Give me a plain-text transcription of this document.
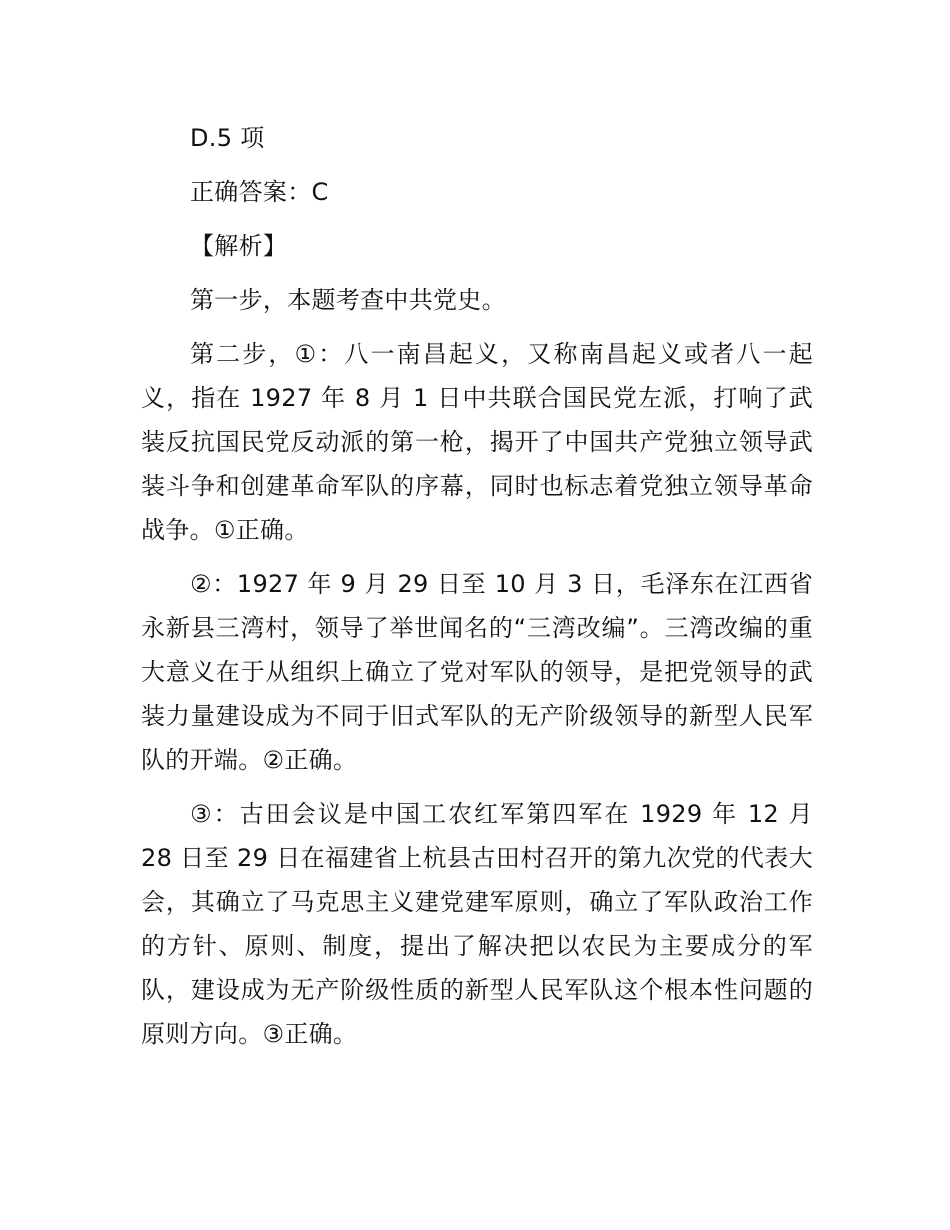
D.5 项

正确答案：C

【解析】

第一步，本题考查中共党史。

第二步，①：八一南昌起义，又称南昌起义或者八一起义，指在 1927 年 8 月 1 日中共联合国民党左派，打响了武装反抗国民党反动派的第一枪，揭开了中国共产党独立领导武装斗争和创建革命军队的序幕，同时也标志着党独立领导革命战争。①正确。

②：1927 年 9 月 29 日至 10 月 3 日，毛泽东在江西省永新县三湾村，领导了举世闻名的“三湾改编”。三湾改编的重大意义在于从组织上确立了党对军队的领导，是把党领导的武装力量建设成为不同于旧式军队的无产阶级领导的新型人民军队的开端。②正确。

③：古田会议是中国工农红军第四军在 1929 年 12 月 28 日至 29 日在福建省上杭县古田村召开的第九次党的代表大会，其确立了马克思主义建党建军原则，确立了军队政治工作的方针、原则、制度，提出了解决把以农民为主要成分的军队，建设成为无产阶级性质的新型人民军队这个根本性问题的原则方向。③正确。
